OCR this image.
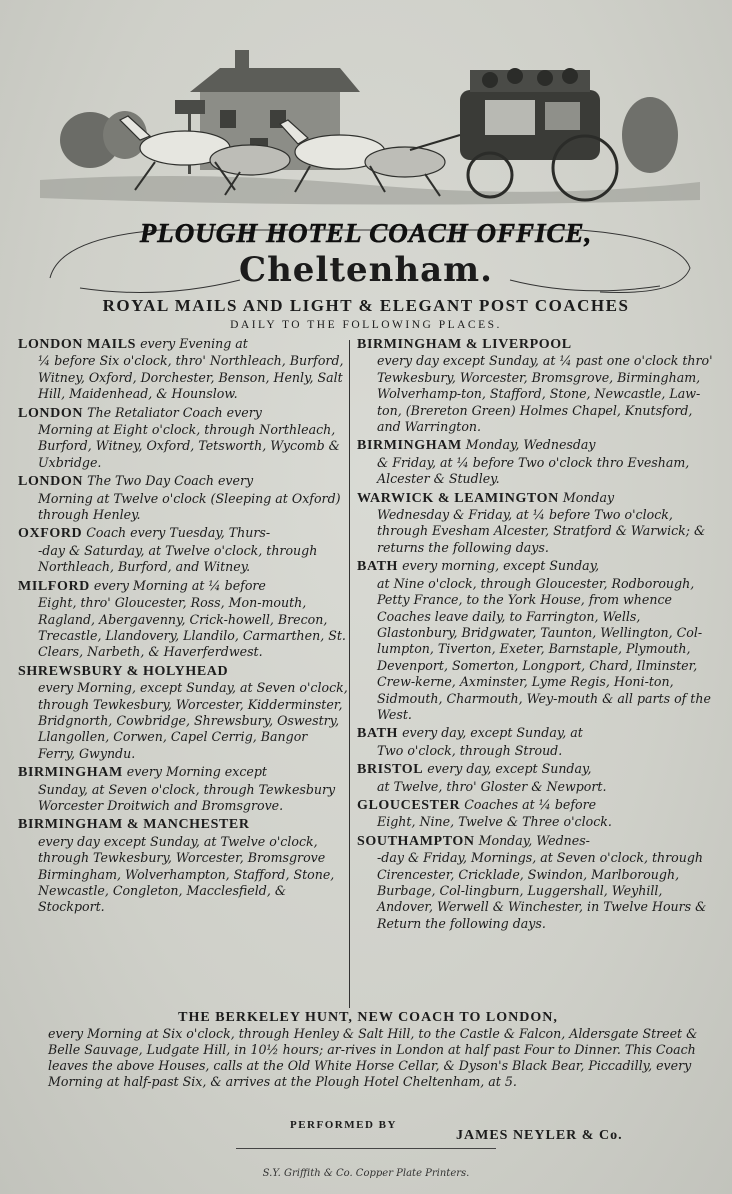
PLOUGH HOTEL COACH OFFICE,
Cheltenham.
ROYAL MAILS AND LIGHT & ELEGANT POST COACHES
DAILY TO THE FOLLOWING PLACES.
LONDON MAILS every Evening at
¼ before Six o'clock, thro' Northleach, Burford, Witney, Oxford, Dorchester, Benson, Henly, Salt Hill, Maidenhead, & Hounslow.
LONDON The Retaliator Coach every
Morning at Eight o'clock, through Northleach, Burford, Witney, Oxford, Tetsworth, Wycomb & Uxbridge.
LONDON The Two Day Coach every
Morning at Twelve o'clock (Sleeping at Oxford) through Henley.
OXFORD Coach every Tuesday, Thurs-
-day & Saturday, at Twelve o'clock, through Northleach, Burford, and Witney.
MILFORD every Morning at ¼ before
Eight, thro' Gloucester, Ross, Mon-mouth, Ragland, Abergavenny, Crick-howell, Brecon, Trecastle, Llandovery, Llandilo, Carmarthen, St. Clears, Narbeth, & Haverferdwest.
SHREWSBURY & HOLYHEAD
every Morning, except Sunday, at Seven o'clock, through Tewkesbury, Worcester, Kidderminster, Bridgnorth, Cowbridge, Shrewsbury, Oswestry, Llangollen, Corwen, Capel Cerrig, Bangor Ferry, Gwyndu.
BIRMINGHAM every Morning except
Sunday, at Seven o'clock, through Tewkesbury Worcester Droitwich and Bromsgrove.
BIRMINGHAM & MANCHESTER
every day except Sunday, at Twelve o'clock, through Tewkesbury, Worcester, Bromsgrove Birmingham, Wolverhampton, Stafford, Stone, Newcastle, Congleton, Macclesfield, & Stockport.
BIRMINGHAM & LIVERPOOL
every day except Sunday, at ¼ past one o'clock thro' Tewkesbury, Worcester, Bromsgrove, Birmingham, Wolverhamp-ton, Stafford, Stone, Newcastle, Law-ton, (Brereton Green) Holmes Chapel, Knutsford, and Warrington.
BIRMINGHAM Monday, Wednesday
& Friday, at ¼ before Two o'clock thro Evesham, Alcester & Studley.
WARWICK & LEAMINGTON Monday
Wednesday & Friday, at ¼ before Two o'clock, through Evesham Alcester, Stratford & Warwick; & returns the following days.
BATH every morning, except Sunday,
at Nine o'clock, through Gloucester, Rodborough, Petty France, to the York House, from whence Coaches leave daily, to Farrington, Wells, Glastonbury, Bridgwater, Taunton, Wellington, Col-lumpton, Tiverton, Exeter, Barnstaple, Plymouth, Devenport, Somerton, Longport, Chard, Ilminster, Crew-kerne, Axminster, Lyme Regis, Honi-ton, Sidmouth, Charmouth, Wey-mouth & all parts of the West.
BATH every day, except Sunday, at
Two o'clock, through Stroud.
BRISTOL every day, except Sunday,
at Twelve, thro' Gloster & Newport.
GLOUCESTER Coaches at ¼ before
Eight, Nine, Twelve & Three o'clock.
SOUTHAMPTON Monday, Wednes-
-day & Friday, Mornings, at Seven o'clock, through Cirencester, Cricklade, Swindon, Marlborough, Burbage, Col-lingburn, Luggershall, Weyhill, Andover, Werwell & Winchester, in Twelve Hours & Return the following days.
THE BERKELEY HUNT, NEW COACH TO LONDON,
every Morning at Six o'clock, through Henley & Salt Hill, to the Castle & Falcon, Aldersgate Street & Belle Sauvage, Ludgate Hill, in 10½ hours; ar-rives in London at half past Four to Dinner. This Coach leaves the above Houses, calls at the Old White Horse Cellar, & Dyson's Black Bear, Piccadilly, every Morning at half-past Six, & arrives at the Plough Hotel Cheltenham, at 5.
PERFORMED BY
JAMES NEYLER & Co.
S.Y. Griffith & Co. Copper Plate Printers.
